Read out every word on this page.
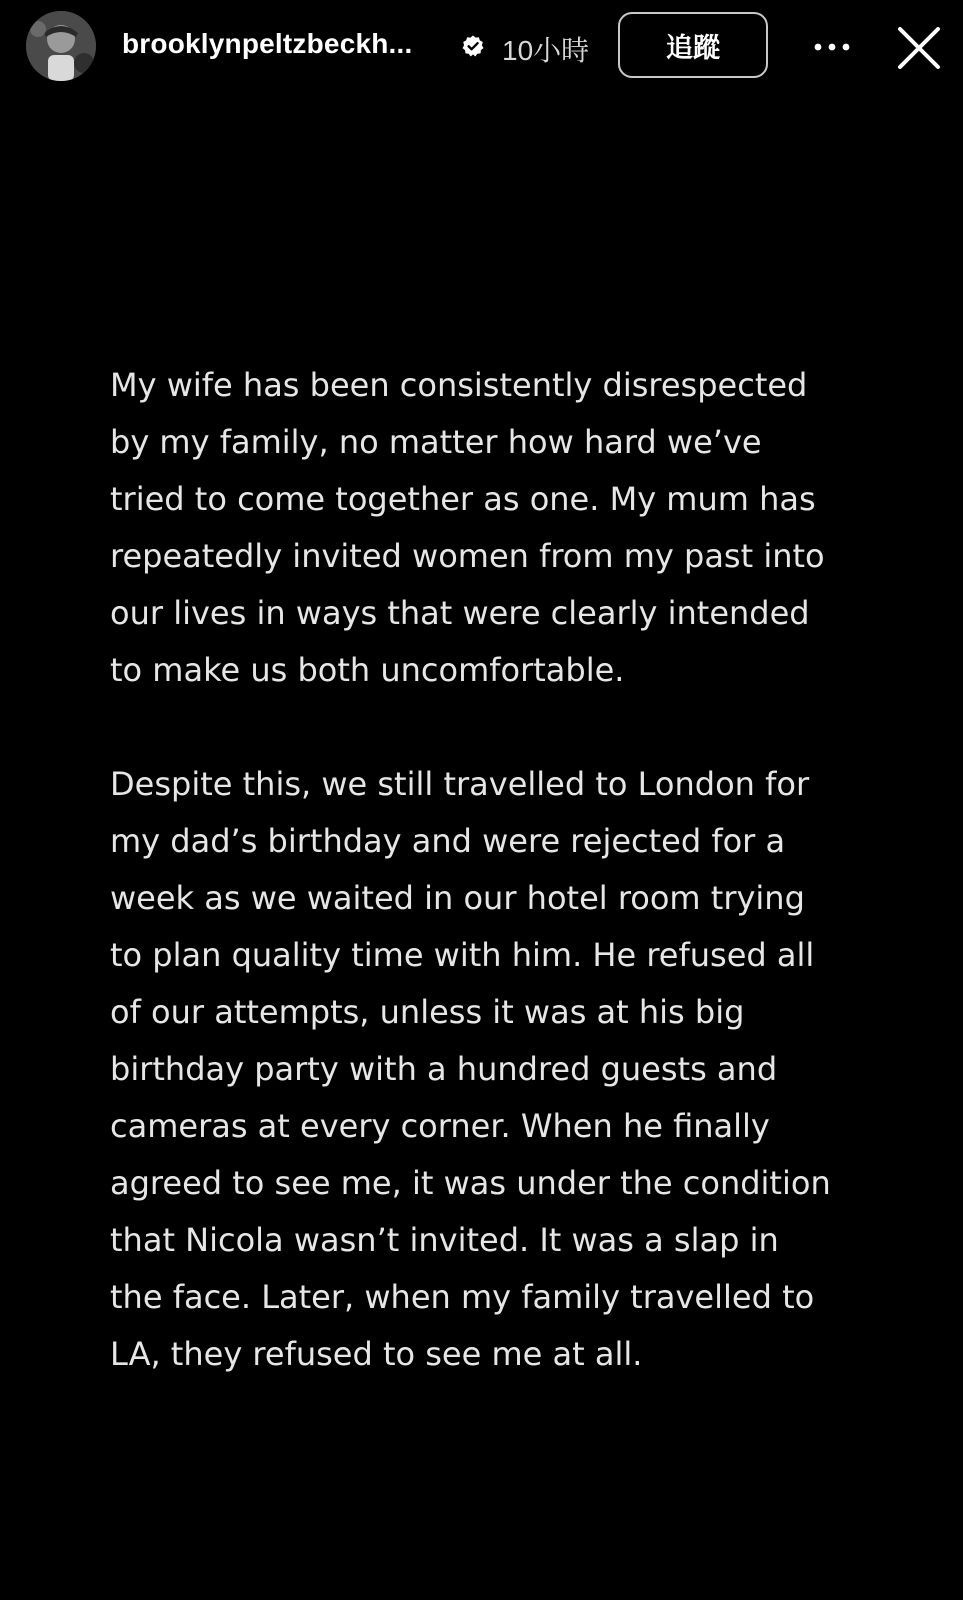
brooklynpeltzbeckh...	10小時	追蹤
My wife has been consistently disrespected
by my family, no matter how hard we’ve
tried to come together as one. My mum has
repeatedly invited women from my past into
our lives in ways that were clearly intended
to make us both uncomfortable.
Despite this, we still travelled to London for
my dad’s birthday and were rejected for a
week as we waited in our hotel room trying
to plan quality time with him. He refused all
of our attempts, unless it was at his big
birthday party with a hundred guests and
cameras at every corner. When he finally
agreed to see me, it was under the condition
that Nicola wasn’t invited. It was a slap in
the face. Later, when my family travelled to
LA, they refused to see me at all.
